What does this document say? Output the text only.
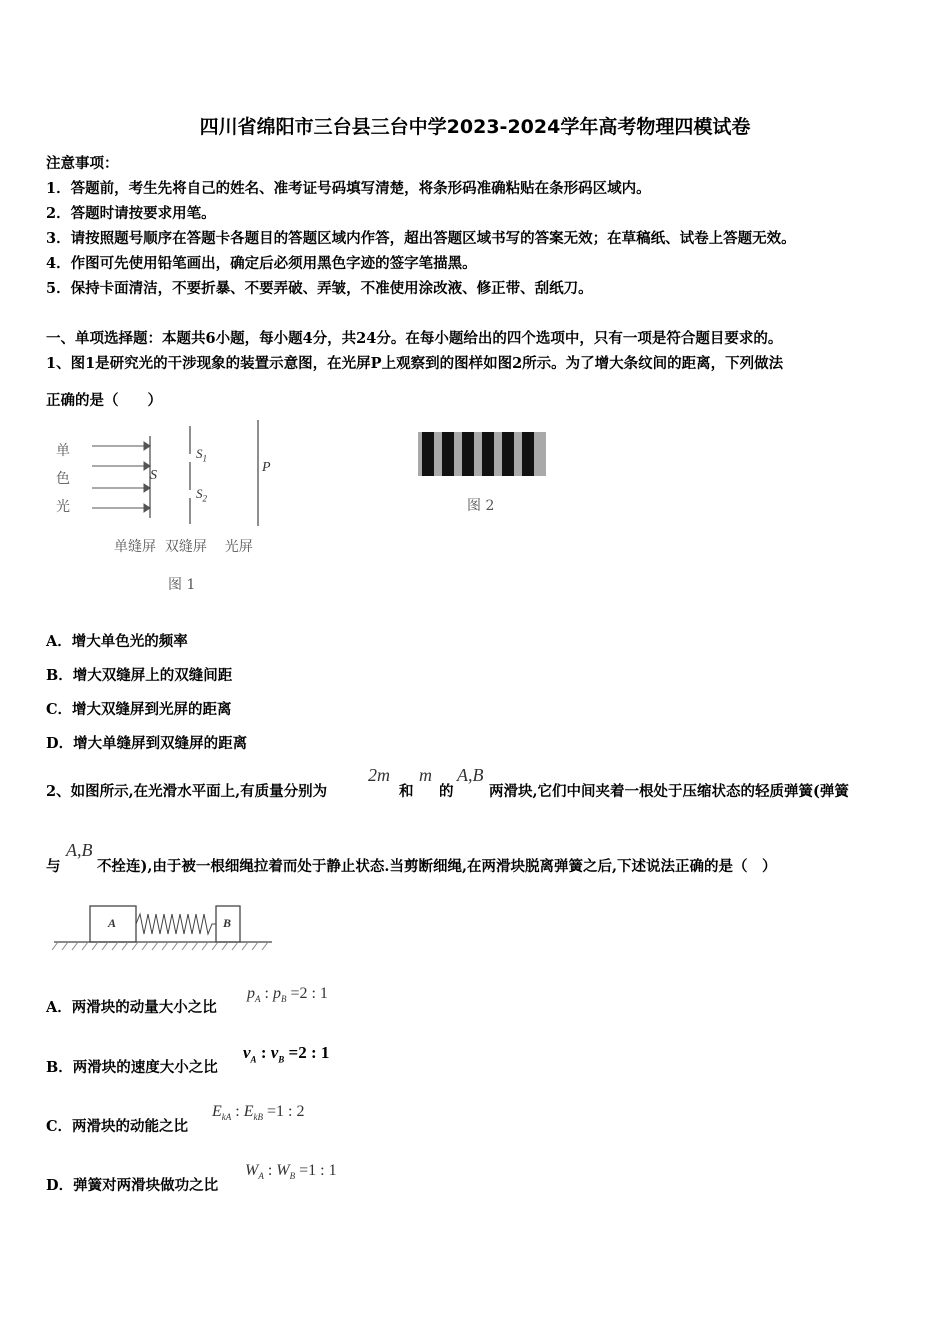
四川省绵阳市三台县三台中学2023-2024学年高考物理四模试卷
注意事项：
1．答题前，考生先将自己的姓名、准考证号码填写清楚，将条形码准确粘贴在条形码区域内。
2．答题时请按要求用笔。
3．请按照题号顺序在答题卡各题目的答题区域内作答，超出答题区域书写的答案无效；在草稿纸、试卷上答题无效。
4．作图可先使用铅笔画出，确定后必须用黑色字迹的签字笔描黑。
5．保持卡面清洁，不要折暴、不要弄破、弄皱，不准使用涂改液、修正带、刮纸刀。
一、单项选择题：本题共6小题，每小题4分，共24分。在每小题给出的四个选项中，只有一项是符合题目要求的。
1、图1是研究光的干涉现象的装置示意图，在光屏P上观察到的图样如图2所示。为了增大条纹间的距离，下列做法
正确的是（　　）
单
色
光
S
$S_1$
$S_2$
P
单缝屏  双缝屏    光屏
图 1
图 2
A．增大单色光的频率
B．增大双缝屏上的双缝间距
C．增大双缝屏到光屏的距离
D．增大单缝屏到双缝屏的距离
2、如图所示,在光滑水平面上,有质量分别为
2m
和
m
的
A,B
两滑块,它们中间夹着一根处于压缩状态的轻质弹簧(弹簧
与
A,B
不拴连),由于被一根细绳拉着而处于静止状态.当剪断细绳,在两滑块脱离弹簧之后,下述说法正确的是（　）
A	B
A．两滑块的动量大小之比
$p_A$ : $p_B =2$ : 1
B．两滑块的速度大小之比
$v_A$ : $v_B =2$ : 1
C．两滑块的动能之比
$E_{kA}$ : $E_{kB} =1$ : 2
D．弹簧对两滑块做功之比
$W_A$ : $W_B =1$ : 1
